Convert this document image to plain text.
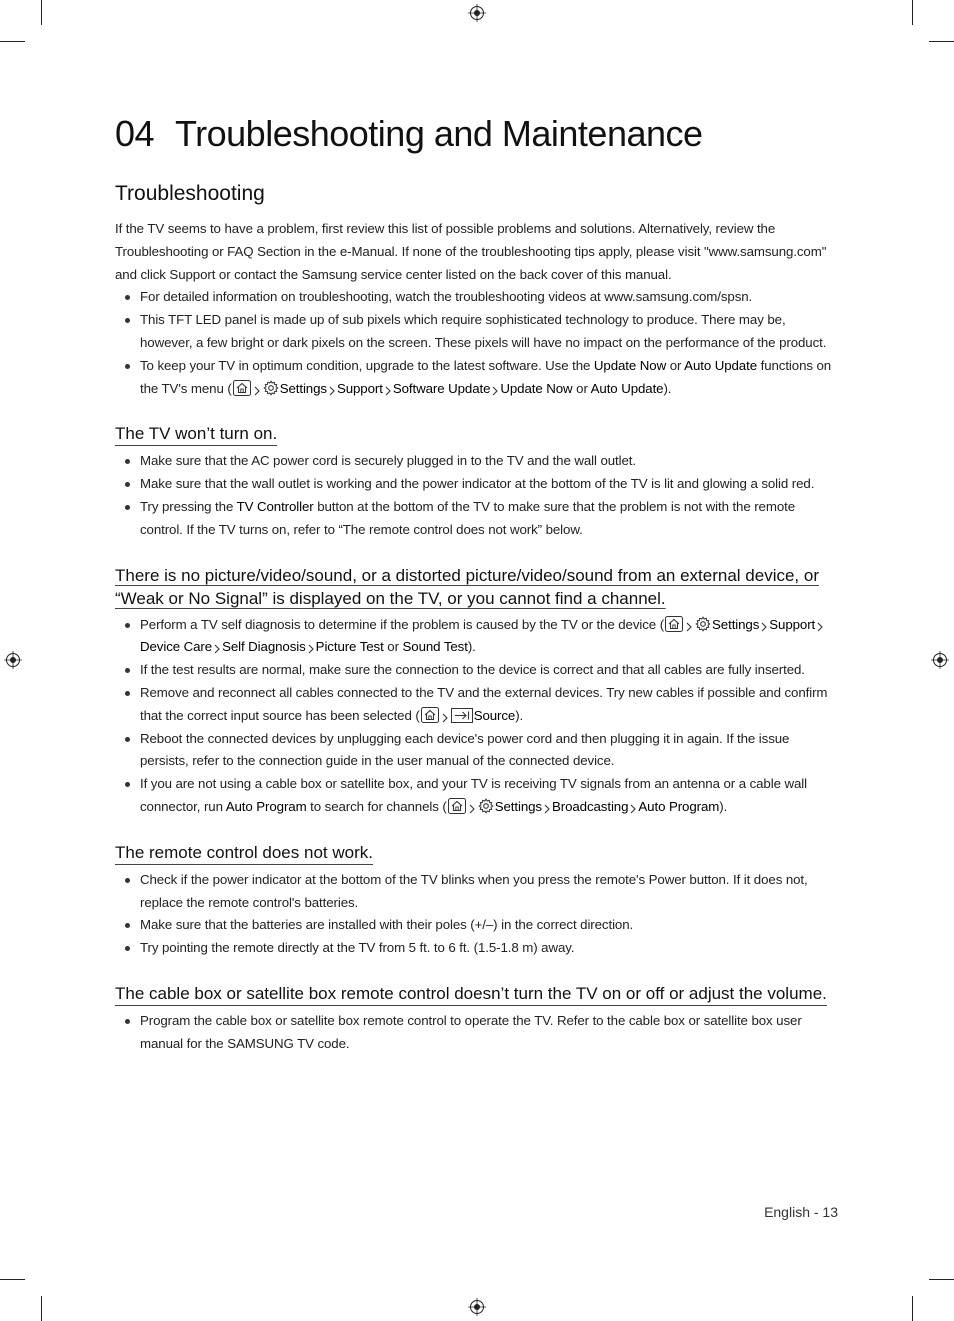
04 Troubleshooting and Maintenance
Troubleshooting

If the TV seems to have a problem, first review this list of possible problems and solutions. Alternatively, review the Troubleshooting or FAQ Section in the e-Manual. If none of the troubleshooting tips apply, please visit "www.samsung.com" and click Support or contact the Samsung service center listed on the back cover of this manual.

For detailed information on troubleshooting, watch the troubleshooting videos at www.samsung.com/spsn.
This TFT LED panel is made up of sub pixels which require sophisticated technology to produce. There may be, however, a few bright or dark pixels on the screen. These pixels will have no impact on the performance of the product.
To keep your TV in optimum condition, upgrade to the latest software. Use the Update Now or Auto Update functions on the TV's menu (	Settings Support Software Update Update Now or Auto Update).
The TV won’t turn on.
Make sure that the AC power cord is securely plugged in to the TV and the wall outlet.
Make sure that the wall outlet is working and the power indicator at the bottom of the TV is lit and glowing a solid red.
Try pressing the TV Controller button at the bottom of the TV to make sure that the problem is not with the remote control. If the TV turns on, refer to “The remote control does not work” below.
There is no picture/video/sound, or a distorted picture/video/sound from an external device, or “Weak or No Signal” is displayed on the TV, or you cannot find a channel.
Perform a TV self diagnosis to determine if the problem is caused by the TV or the device (	Settings Support
Device Care Self Diagnosis Picture Test or Sound Test).
If the test results are normal, make sure the connection to the device is correct and that all cables are fully inserted.
Remove and reconnect all cables connected to the TV and the external devices. Try new cables if possible and confirm that the correct input source has been selected (	Source).
Reboot the connected devices by unplugging each device's power cord and then plugging it in again. If the issue persists, refer to the connection guide in the user manual of the connected device.
If you are not using a cable box or satellite box, and your TV is receiving TV signals from an antenna or a cable wall connector, run Auto Program to search for channels (	Settings Broadcasting Auto Program).
The remote control does not work.
Check if the power indicator at the bottom of the TV blinks when you press the remote's Power button. If it does not, replace the remote control's batteries.
Make sure that the batteries are installed with their poles (+/–) in the correct direction.
Try pointing the remote directly at the TV from 5 ft. to 6 ft. (1.5-1.8 m) away.
The cable box or satellite box remote control doesn’t turn the TV on or off or adjust the volume.
Program the cable box or satellite box remote control to operate the TV. Refer to the cable box or satellite box user manual for the SAMSUNG TV code.
English - 13
